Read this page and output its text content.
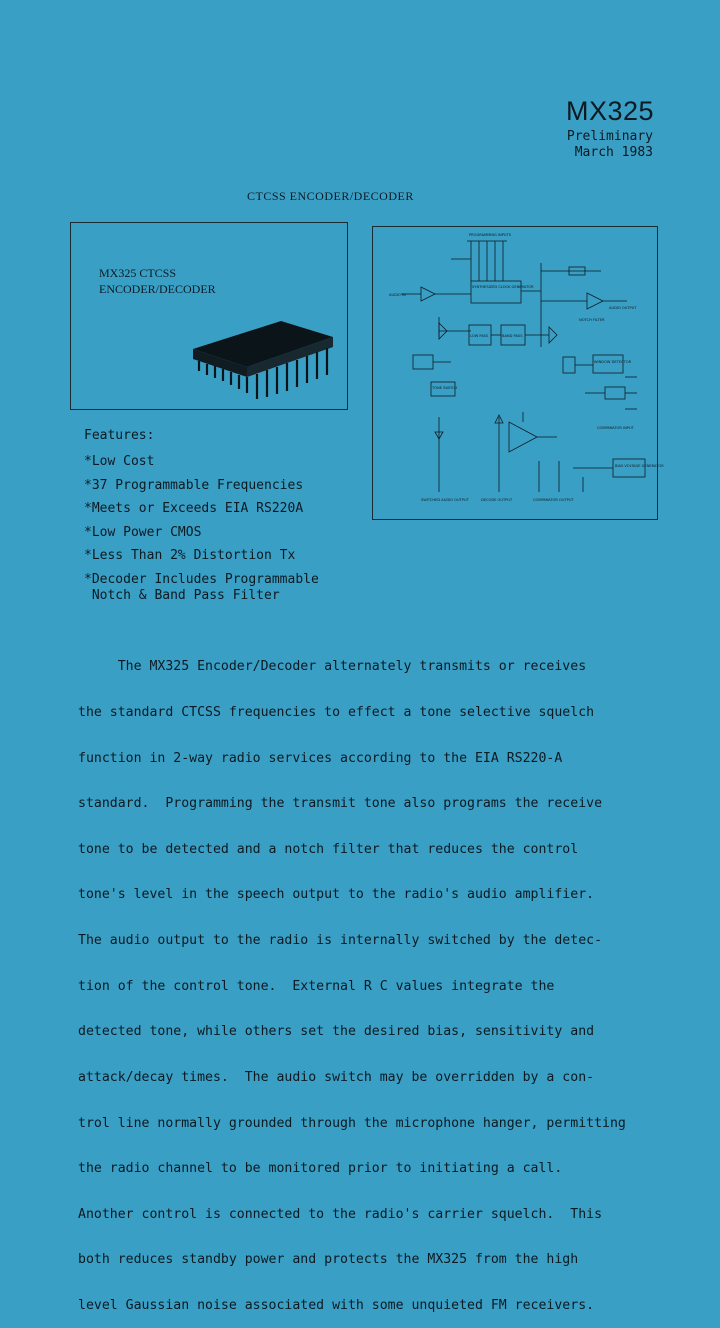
MX325
Preliminary
March 1983
CTCSS ENCODER/DECODER
MX325 CTCSS
ENCODER/DECODER
PROGRAMMING INPUTS
SYNTHESIZED CLOCK GENERATOR
AUDIO IN
AUDIO OUTPUT
NOTCH FILTER
LOW PASS	BAND PASS
TONE SWITCH
WINDOW DETECTOR
COMPARATOR INPUT
BIAS VOLTAGE GENERATOR
SWITCHED AUDIO OUTPUT	DECODE OUTPUT	COMPARATOR OUTPUT
Features:
*Low Cost
*37 Programmable Frequencies
*Meets or Exceeds EIA RS220A
*Low Power CMOS
*Less Than 2% Distortion Tx
*Decoder Includes Programmable
Notch & Band Pass Filter

The MX325 Encoder/Decoder alternately transmits or receives

the standard CTCSS frequencies to effect a tone selective squelch

function in 2-way radio services according to the EIA RS220-A

standard.  Programming the transmit tone also programs the receive

tone to be detected and a notch filter that reduces the control

tone's level in the speech output to the radio's audio amplifier.

The audio output to the radio is internally switched by the detec-

tion of the control tone.  External R C values integrate the

detected tone, while others set the desired bias, sensitivity and

attack/decay times.  The audio switch may be overridden by a con-

trol line normally grounded through the microphone hanger, permitting

the radio channel to be monitored prior to initiating a call.

Another control is connected to the radio's carrier squelch.  This

both reduces standby power and protects the MX325 from the high

level Gaussian noise associated with some unquieted FM receivers.
